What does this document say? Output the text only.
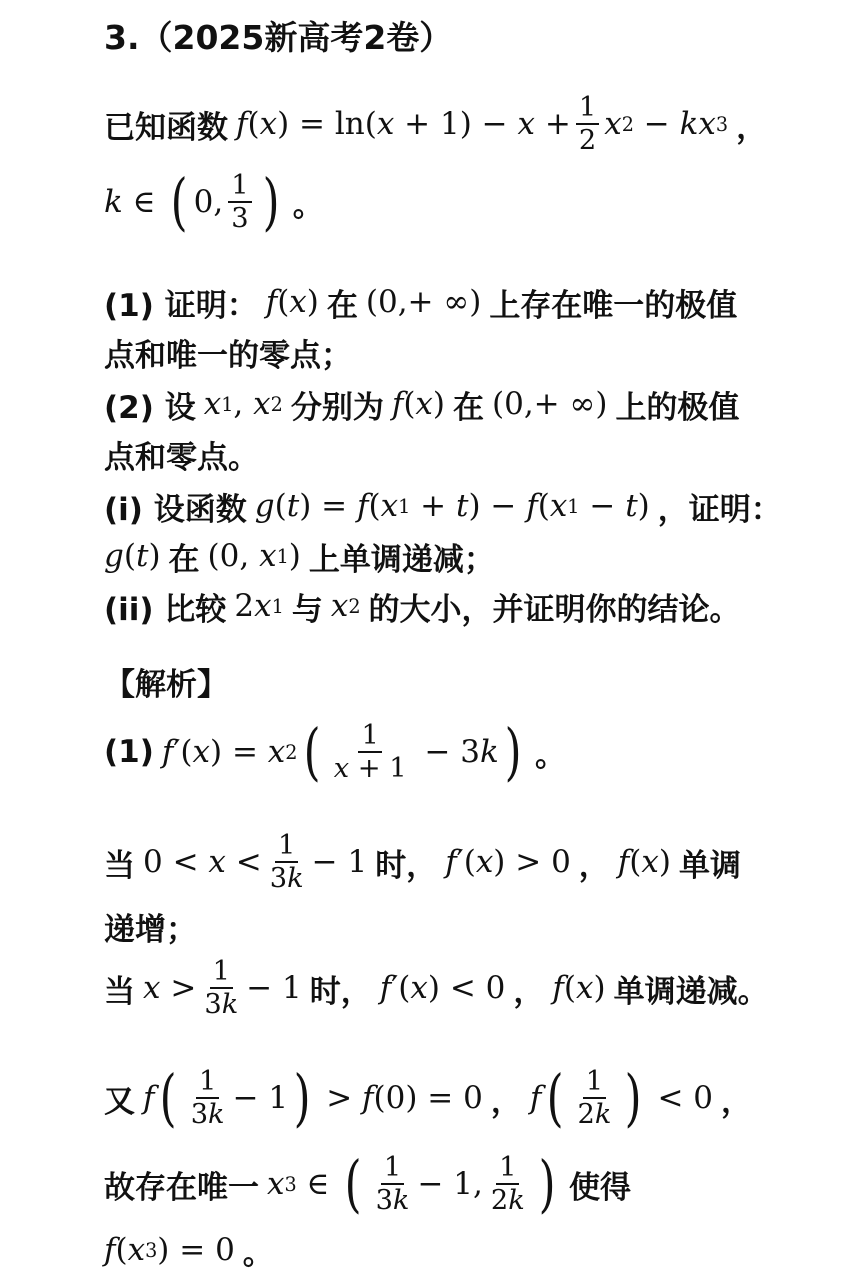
3.（2025新高考2卷）
已知函数 f ( x ) = ln( $x + 1) - x + \frac{1}{2}$ x 2 − kx 3 ，
k ∈ ( 0, $\frac{1}{3}$ ) 。
(1) 证明： f ( x ) 在 (0,+ ∞) 上存在唯一的极值
点和唯一的零点；
(2) 设 x 1 , x 2 分别为 f ( x ) 在 (0,+ ∞) 上的极值
点和零点。
(i) 设函数 g ( t ) = f ( x 1 + t ) − f ( x 1 − t ) ，证明：
g ( t ) 在 (0, x 1 ) 上单调递减；
(ii) 比较 2 x 1 与 x 2 的大小，并证明你的结论。
【解析】
(1) f ′( x ) = x 2 ( $\frac{1}{x + 1} - 3$ k ) 。
当 $0 < x < \frac{1}{3k} - 1$ 时， f ′( x ) > 0 ， f ( x ) 单调
递增；
当 $x > \frac{1}{3k} - 1$ 时， f ′( x ) < 0 ， f ( x ) 单调递减。
又 f ( $\frac{1}{3k} - 1$ ) > f (0) = 0 ， f ( $\frac{1}{2k}$ ) < 0 ，
故存在唯一 x 3 ∈ ( $\frac{1}{3k} - 1$, $\frac{1}{2k}$ ) 使得
f ( x 3 ) = 0 。
